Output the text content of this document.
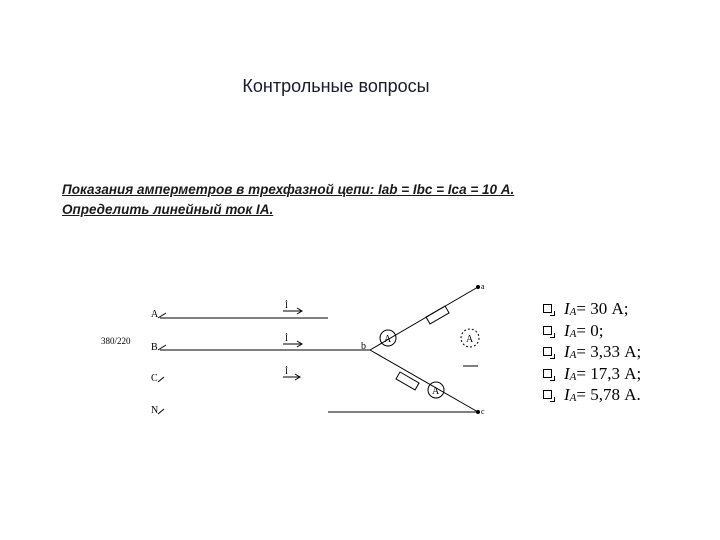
Контрольные вопросы
Показания амперметров в трехфазной цепи: Iab = Ibc = Ica = 10 А.
Определить линейный ток IA.
A
B
C
N
380/220
a
b
c
İ
İ
İ
A	A
A
I A = 30 А;
I A = 0;
I A = 3,33 А;
I A = 17,3 А;
I A = 5,78 А.
